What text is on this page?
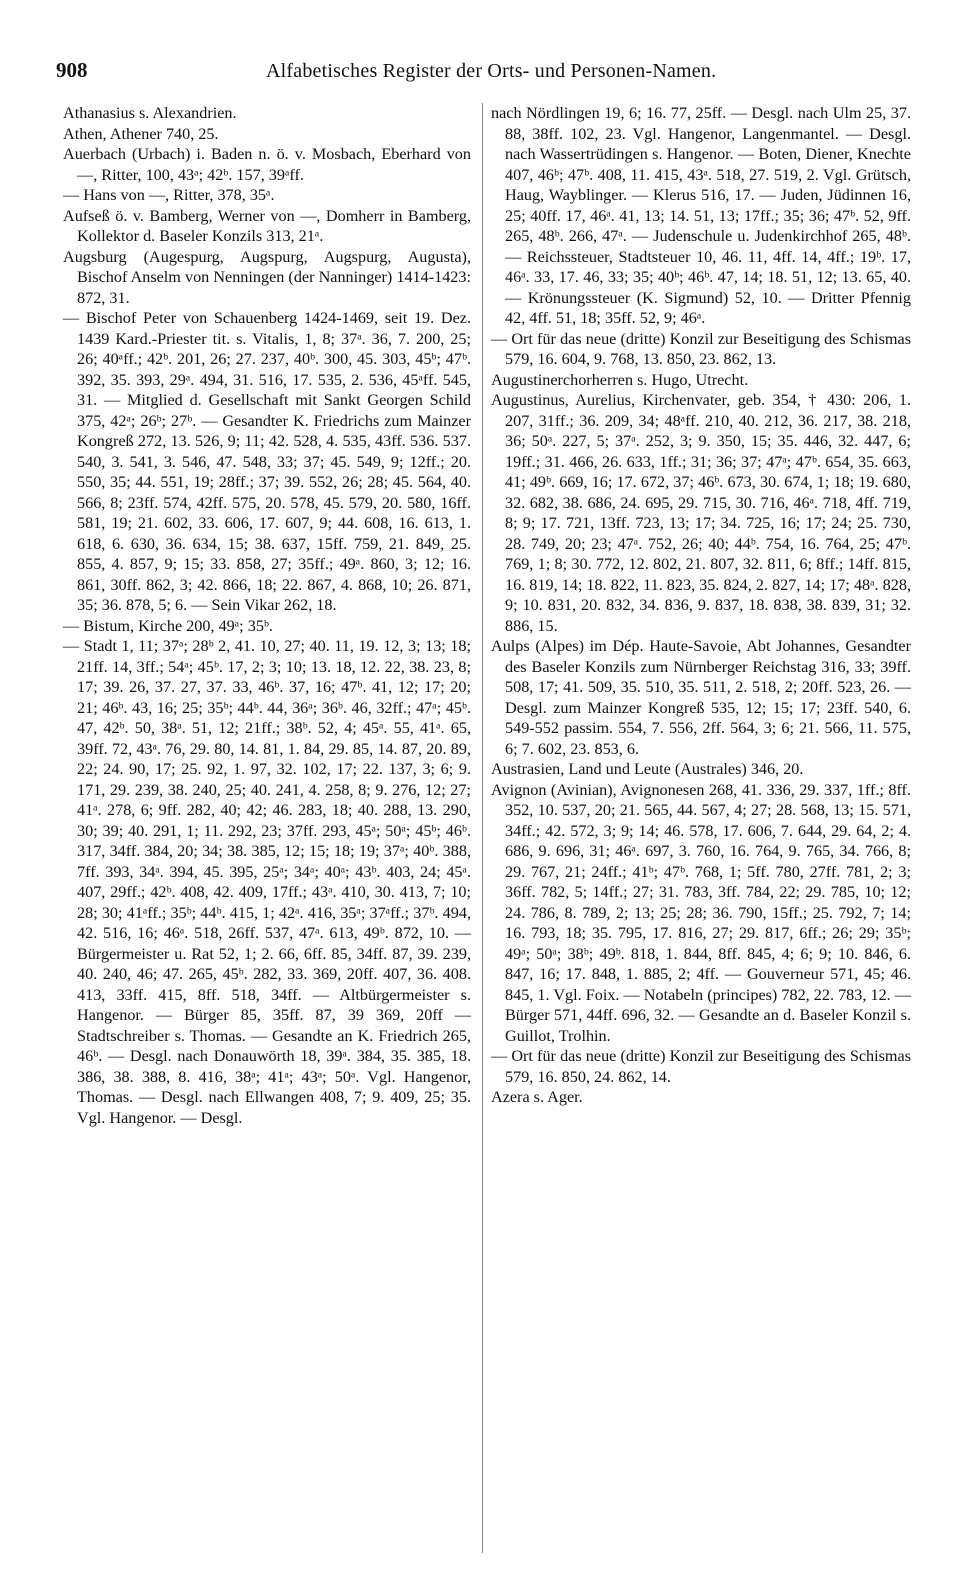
908	Alfabetisches Register der Orts- und Personen-Namen.

Athanasius s. Alexandrien.

Athen, Athener 740, 25.

Auerbach (Urbach) i. Baden n. ö. v. Mosbach, Eberhard von —, Ritter, 100, 43ᵃ; 42ᵇ. 157, 39ᵃff.

— Hans von —, Ritter, 378, 35ᵃ.

Aufseß ö. v. Bamberg, Werner von —, Domherr in Bamberg, Kollektor d. Baseler Konzils 313, 21ᵃ.

Augsburg (Augespurg, Augspurg, Augspurg, Augusta), Bischof Anselm von Nenningen (der Nanninger) 1414-1423: 872, 31.

— Bischof Peter von Schauenberg 1424-1469, seit 19. Dez. 1439 Kard.-Priester tit. s. Vitalis, 1, 8; 37ᵃ. 36, 7. 200, 25; 26; 40ᵃff.; 42ᵇ. 201, 26; 27. 237, 40ᵇ. 300, 45. 303, 45ᵇ; 47ᵇ. 392, 35. 393, 29ᵃ. 494, 31. 516, 17. 535, 2. 536, 45ᵃff. 545, 31. — Mitglied d. Gesellschaft mit Sankt Georgen Schild 375, 42ᵃ; 26ᵇ; 27ᵇ. — Gesandter K. Friedrichs zum Mainzer Kongreß 272, 13. 526, 9; 11; 42. 528, 4. 535, 43ff. 536. 537. 540, 3. 541, 3. 546, 47. 548, 33; 37; 45. 549, 9; 12ff.; 20. 550, 35; 44. 551, 19; 28ff.; 37; 39. 552, 26; 28; 45. 564, 40. 566, 8; 23ff. 574, 42ff. 575, 20. 578, 45. 579, 20. 580, 16ff. 581, 19; 21. 602, 33. 606, 17. 607, 9; 44. 608, 16. 613, 1. 618, 6. 630, 36. 634, 15; 38. 637, 15ff. 759, 21. 849, 25. 855, 4. 857, 9; 15; 33. 858, 27; 35ff.; 49ᵃ. 860, 3; 12; 16. 861, 30ff. 862, 3; 42. 866, 18; 22. 867, 4. 868, 10; 26. 871, 35; 36. 878, 5; 6. — Sein Vikar 262, 18.

— Bistum, Kirche 200, 49ᵃ; 35ᵇ.

— Stadt 1, 11; 37ᵃ; 28ᵇ 2, 41. 10, 27; 40. 11, 19. 12, 3; 13; 18; 21ff. 14, 3ff.; 54ᵃ; 45ᵇ. 17, 2; 3; 10; 13. 18, 12. 22, 38. 23, 8; 17; 39. 26, 37. 27, 37. 33, 46ᵇ. 37, 16; 47ᵇ. 41, 12; 17; 20; 21; 46ᵇ. 43, 16; 25; 35ᵇ; 44ᵇ. 44, 36ᵃ; 36ᵇ. 46, 32ff.; 47ᵃ; 45ᵇ. 47, 42ᵇ. 50, 38ᵃ. 51, 12; 21ff.; 38ᵇ. 52, 4; 45ᵃ. 55, 41ᵃ. 65, 39ff. 72, 43ᵃ. 76, 29. 80, 14. 81, 1. 84, 29. 85, 14. 87, 20. 89, 22; 24. 90, 17; 25. 92, 1. 97, 32. 102, 17; 22. 137, 3; 6; 9. 171, 29. 239, 38. 240, 25; 40. 241, 4. 258, 8; 9. 276, 12; 27; 41ᵃ. 278, 6; 9ff. 282, 40; 42; 46. 283, 18; 40. 288, 13. 290, 30; 39; 40. 291, 1; 11. 292, 23; 37ff. 293, 45ᵃ; 50ᵃ; 45ᵇ; 46ᵇ. 317, 34ff. 384, 20; 34; 38. 385, 12; 15; 18; 19; 37ᵃ; 40ᵇ. 388, 7ff. 393, 34ᵃ. 394, 45. 395, 25ᵃ; 34ᵃ; 40ᵃ; 43ᵇ. 403, 24; 45ᵃ. 407, 29ff.; 42ᵇ. 408, 42. 409, 17ff.; 43ᵃ. 410, 30. 413, 7; 10; 28; 30; 41ᵃff.; 35ᵇ; 44ᵇ. 415, 1; 42ᵃ. 416, 35ᵃ; 37ᵃff.; 37ᵇ. 494, 42. 516, 16; 46ᵃ. 518, 26ff. 537, 47ᵃ. 613, 49ᵇ. 872, 10. — Bürgermeister u. Rat 52, 1; 2. 66, 6ff. 85, 34ff. 87, 39. 239, 40. 240, 46; 47. 265, 45ᵇ. 282, 33. 369, 20ff. 407, 36. 408. 413, 33ff. 415, 8ff. 518, 34ff. — Altbürgermeister s. Hangenor. — Bürger 85, 35ff. 87, 39 369, 20ff — Stadtschreiber s. Thomas. — Gesandte an K. Friedrich 265, 46ᵇ. — Desgl. nach Donauwörth 18, 39ᵃ. 384, 35. 385, 18. 386, 38. 388, 8. 416, 38ᵃ; 41ᵃ; 43ᵃ; 50ᵃ. Vgl. Hangenor, Thomas. — Desgl. nach Ellwangen 408, 7; 9. 409, 25; 35. Vgl. Hangenor. — Desgl.

nach Nördlingen 19, 6; 16. 77, 25ff. — Desgl. nach Ulm 25, 37. 88, 38ff. 102, 23. Vgl. Hangenor, Langenmantel. — Desgl. nach Wassertrüdingen s. Hangenor. — Boten, Diener, Knechte 407, 46ᵇ; 47ᵇ. 408, 11. 415, 43ᵃ. 518, 27. 519, 2. Vgl. Grütsch, Haug, Wayblinger. — Klerus 516, 17. — Juden, Jüdinnen 16, 25; 40ff. 17, 46ᵃ. 41, 13; 14. 51, 13; 17ff.; 35; 36; 47ᵇ. 52, 9ff. 265, 48ᵇ. 266, 47ᵃ. — Judenschule u. Judenkirchhof 265, 48ᵇ. — Reichssteuer, Stadtsteuer 10, 46. 11, 4ff. 14, 4ff.; 19ᵇ. 17, 46ᵃ. 33, 17. 46, 33; 35; 40ᵇ; 46ᵇ. 47, 14; 18. 51, 12; 13. 65, 40. — Krönungssteuer (K. Sigmund) 52, 10. — Dritter Pfennig 42, 4ff. 51, 18; 35ff. 52, 9; 46ᵃ.

— Ort für das neue (dritte) Konzil zur Beseitigung des Schismas 579, 16. 604, 9. 768, 13. 850, 23. 862, 13.

Augustinerchorherren s. Hugo, Utrecht.

Augustinus, Aurelius, Kirchenvater, geb. 354, † 430: 206, 1. 207, 31ff.; 36. 209, 34; 48ᵃff. 210, 40. 212, 36. 217, 38. 218, 36; 50ᵃ. 227, 5; 37ᵃ. 252, 3; 9. 350, 15; 35. 446, 32. 447, 6; 19ff.; 31. 466, 26. 633, 1ff.; 31; 36; 37; 47ᵃ; 47ᵇ. 654, 35. 663, 41; 49ᵇ. 669, 16; 17. 672, 37; 46ᵇ. 673, 30. 674, 1; 18; 19. 680, 32. 682, 38. 686, 24. 695, 29. 715, 30. 716, 46ᵃ. 718, 4ff. 719, 8; 9; 17. 721, 13ff. 723, 13; 17; 34. 725, 16; 17; 24; 25. 730, 28. 749, 20; 23; 47ᵃ. 752, 26; 40; 44ᵇ. 754, 16. 764, 25; 47ᵇ. 769, 1; 8; 30. 772, 12. 802, 21. 807, 32. 811, 6; 8ff.; 14ff. 815, 16. 819, 14; 18. 822, 11. 823, 35. 824, 2. 827, 14; 17; 48ᵃ. 828, 9; 10. 831, 20. 832, 34. 836, 9. 837, 18. 838, 38. 839, 31; 32. 886, 15.

Aulps (Alpes) im Dép. Haute-Savoie, Abt Johannes, Gesandter des Baseler Konzils zum Nürnberger Reichstag 316, 33; 39ff. 508, 17; 41. 509, 35. 510, 35. 511, 2. 518, 2; 20ff. 523, 26. — Desgl. zum Mainzer Kongreß 535, 12; 15; 17; 23ff. 540, 6. 549-552 passim. 554, 7. 556, 2ff. 564, 3; 6; 21. 566, 11. 575, 6; 7. 602, 23. 853, 6.

Austrasien, Land und Leute (Australes) 346, 20.

Avignon (Avinian), Avignonesen 268, 41. 336, 29. 337, 1ff.; 8ff. 352, 10. 537, 20; 21. 565, 44. 567, 4; 27; 28. 568, 13; 15. 571, 34ff.; 42. 572, 3; 9; 14; 46. 578, 17. 606, 7. 644, 29. 64, 2; 4. 686, 9. 696, 31; 46ᵃ. 697, 3. 760, 16. 764, 9. 765, 34. 766, 8; 29. 767, 21; 24ff.; 41ᵇ; 47ᵇ. 768, 1; 5ff. 780, 27ff. 781, 2; 3; 36ff. 782, 5; 14ff.; 27; 31. 783, 3ff. 784, 22; 29. 785, 10; 12; 24. 786, 8. 789, 2; 13; 25; 28; 36. 790, 15ff.; 25. 792, 7; 14; 16. 793, 18; 35. 795, 17. 816, 27; 29. 817, 6ff.; 26; 29; 35ᵇ; 49ᵃ; 50ᵃ; 38ᵇ; 49ᵇ. 818, 1. 844, 8ff. 845, 4; 6; 9; 10. 846, 6. 847, 16; 17. 848, 1. 885, 2; 4ff. — Gouverneur 571, 45; 46. 845, 1. Vgl. Foix. — Notabeln (principes) 782, 22. 783, 12. — Bürger 571, 44ff. 696, 32. — Gesandte an d. Baseler Konzil s. Guillot, Trolhin.

— Ort für das neue (dritte) Konzil zur Beseitigung des Schismas 579, 16. 850, 24. 862, 14.

Azera s. Ager.
